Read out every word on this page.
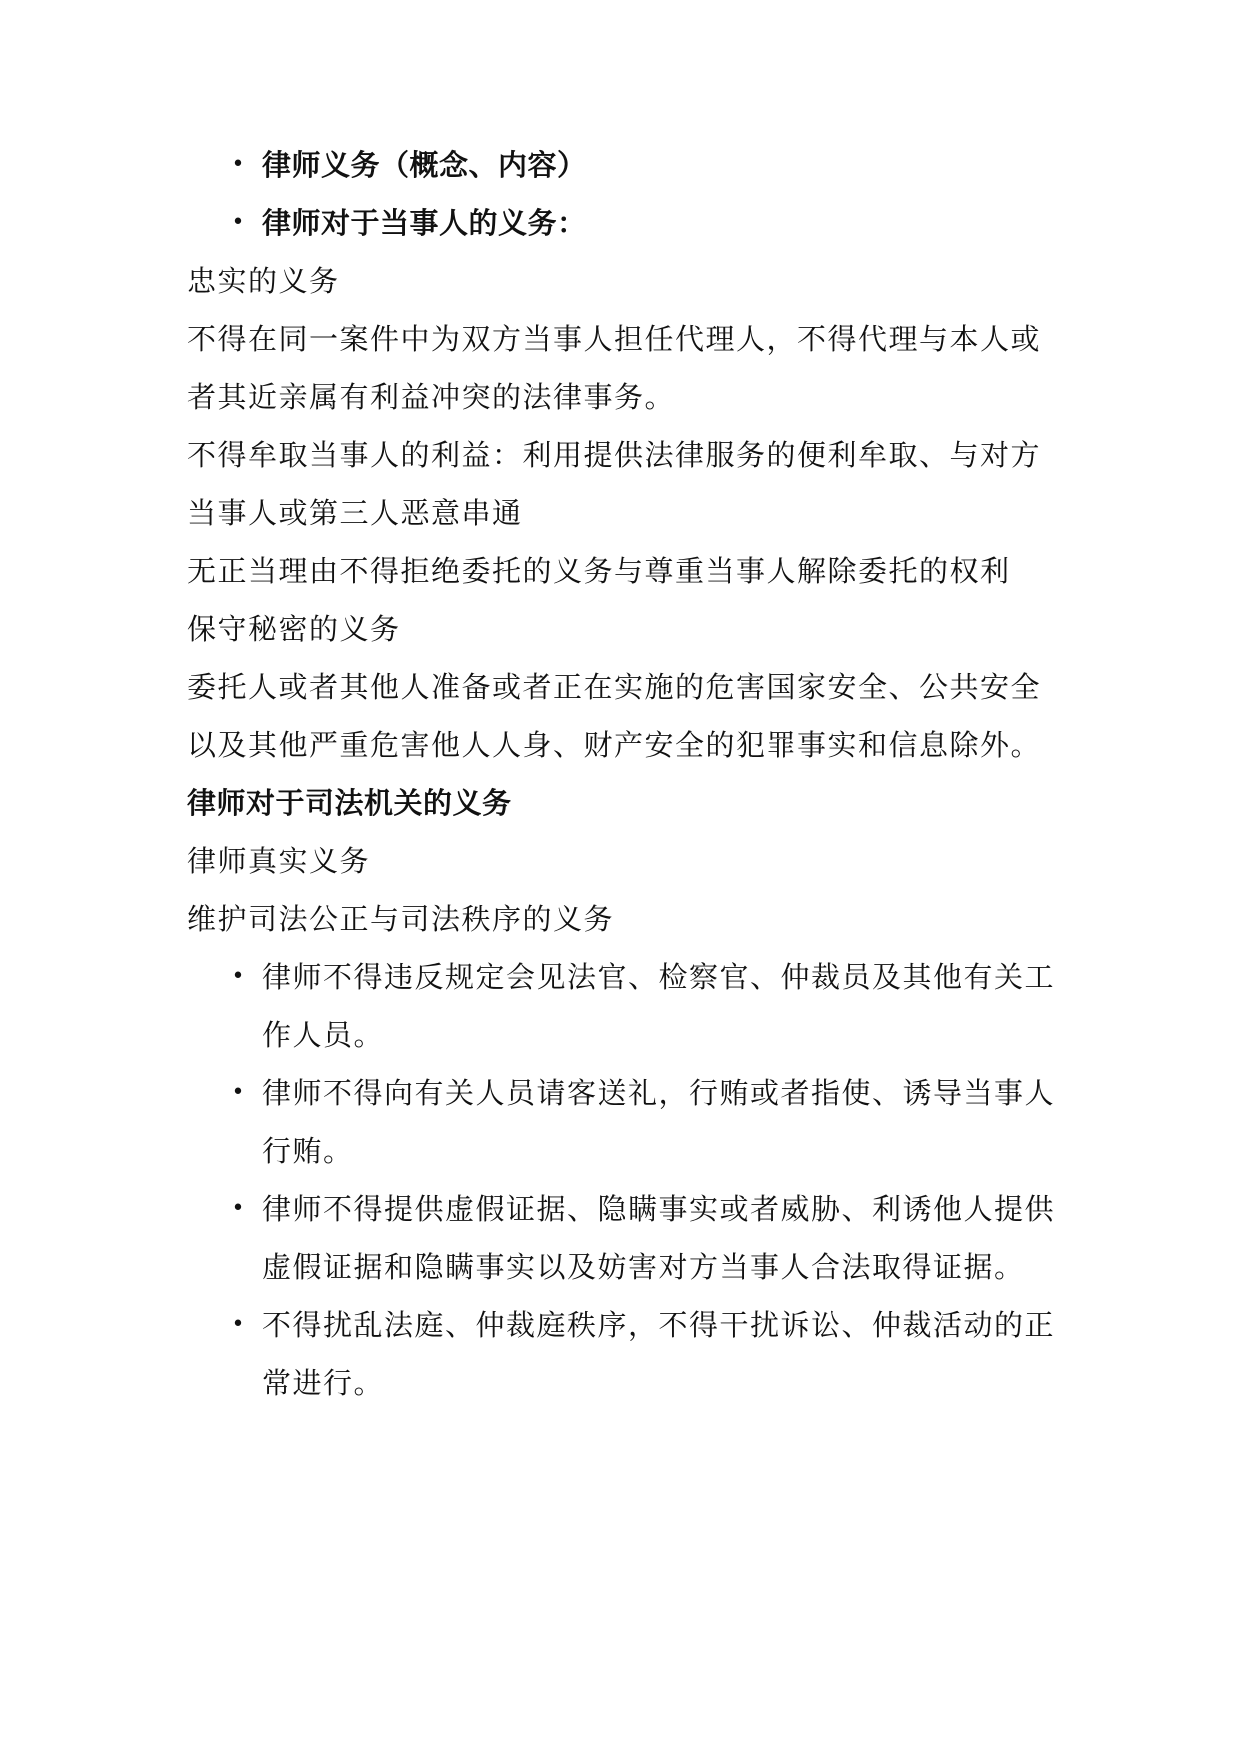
• 律师义务（概念、内容）
• 律师对于当事人的义务：
忠实的义务
不得在同一案件中为双方当事人担任代理人，不得代理与本人或
者其近亲属有利益冲突的法律事务。
不得牟取当事人的利益：利用提供法律服务的便利牟取、与对方
当事人或第三人恶意串通
无正当理由不得拒绝委托的义务与尊重当事人解除委托的权利
保守秘密的义务
委托人或者其他人准备或者正在实施的危害国家安全、公共安全
以及其他严重危害他人人身、财产安全的犯罪事实和信息除外。
律师对于司法机关的义务
律师真实义务
维护司法公正与司法秩序的义务
• 律师不得违反规定会见法官、检察官、仲裁员及其他有关工
作人员。
• 律师不得向有关人员请客送礼，行贿或者指使、诱导当事人
行贿。
• 律师不得提供虚假证据、隐瞒事实或者威胁、利诱他人提供
虚假证据和隐瞒事实以及妨害对方当事人合法取得证据。
• 不得扰乱法庭、仲裁庭秩序，不得干扰诉讼、仲裁活动的正
常进行。
